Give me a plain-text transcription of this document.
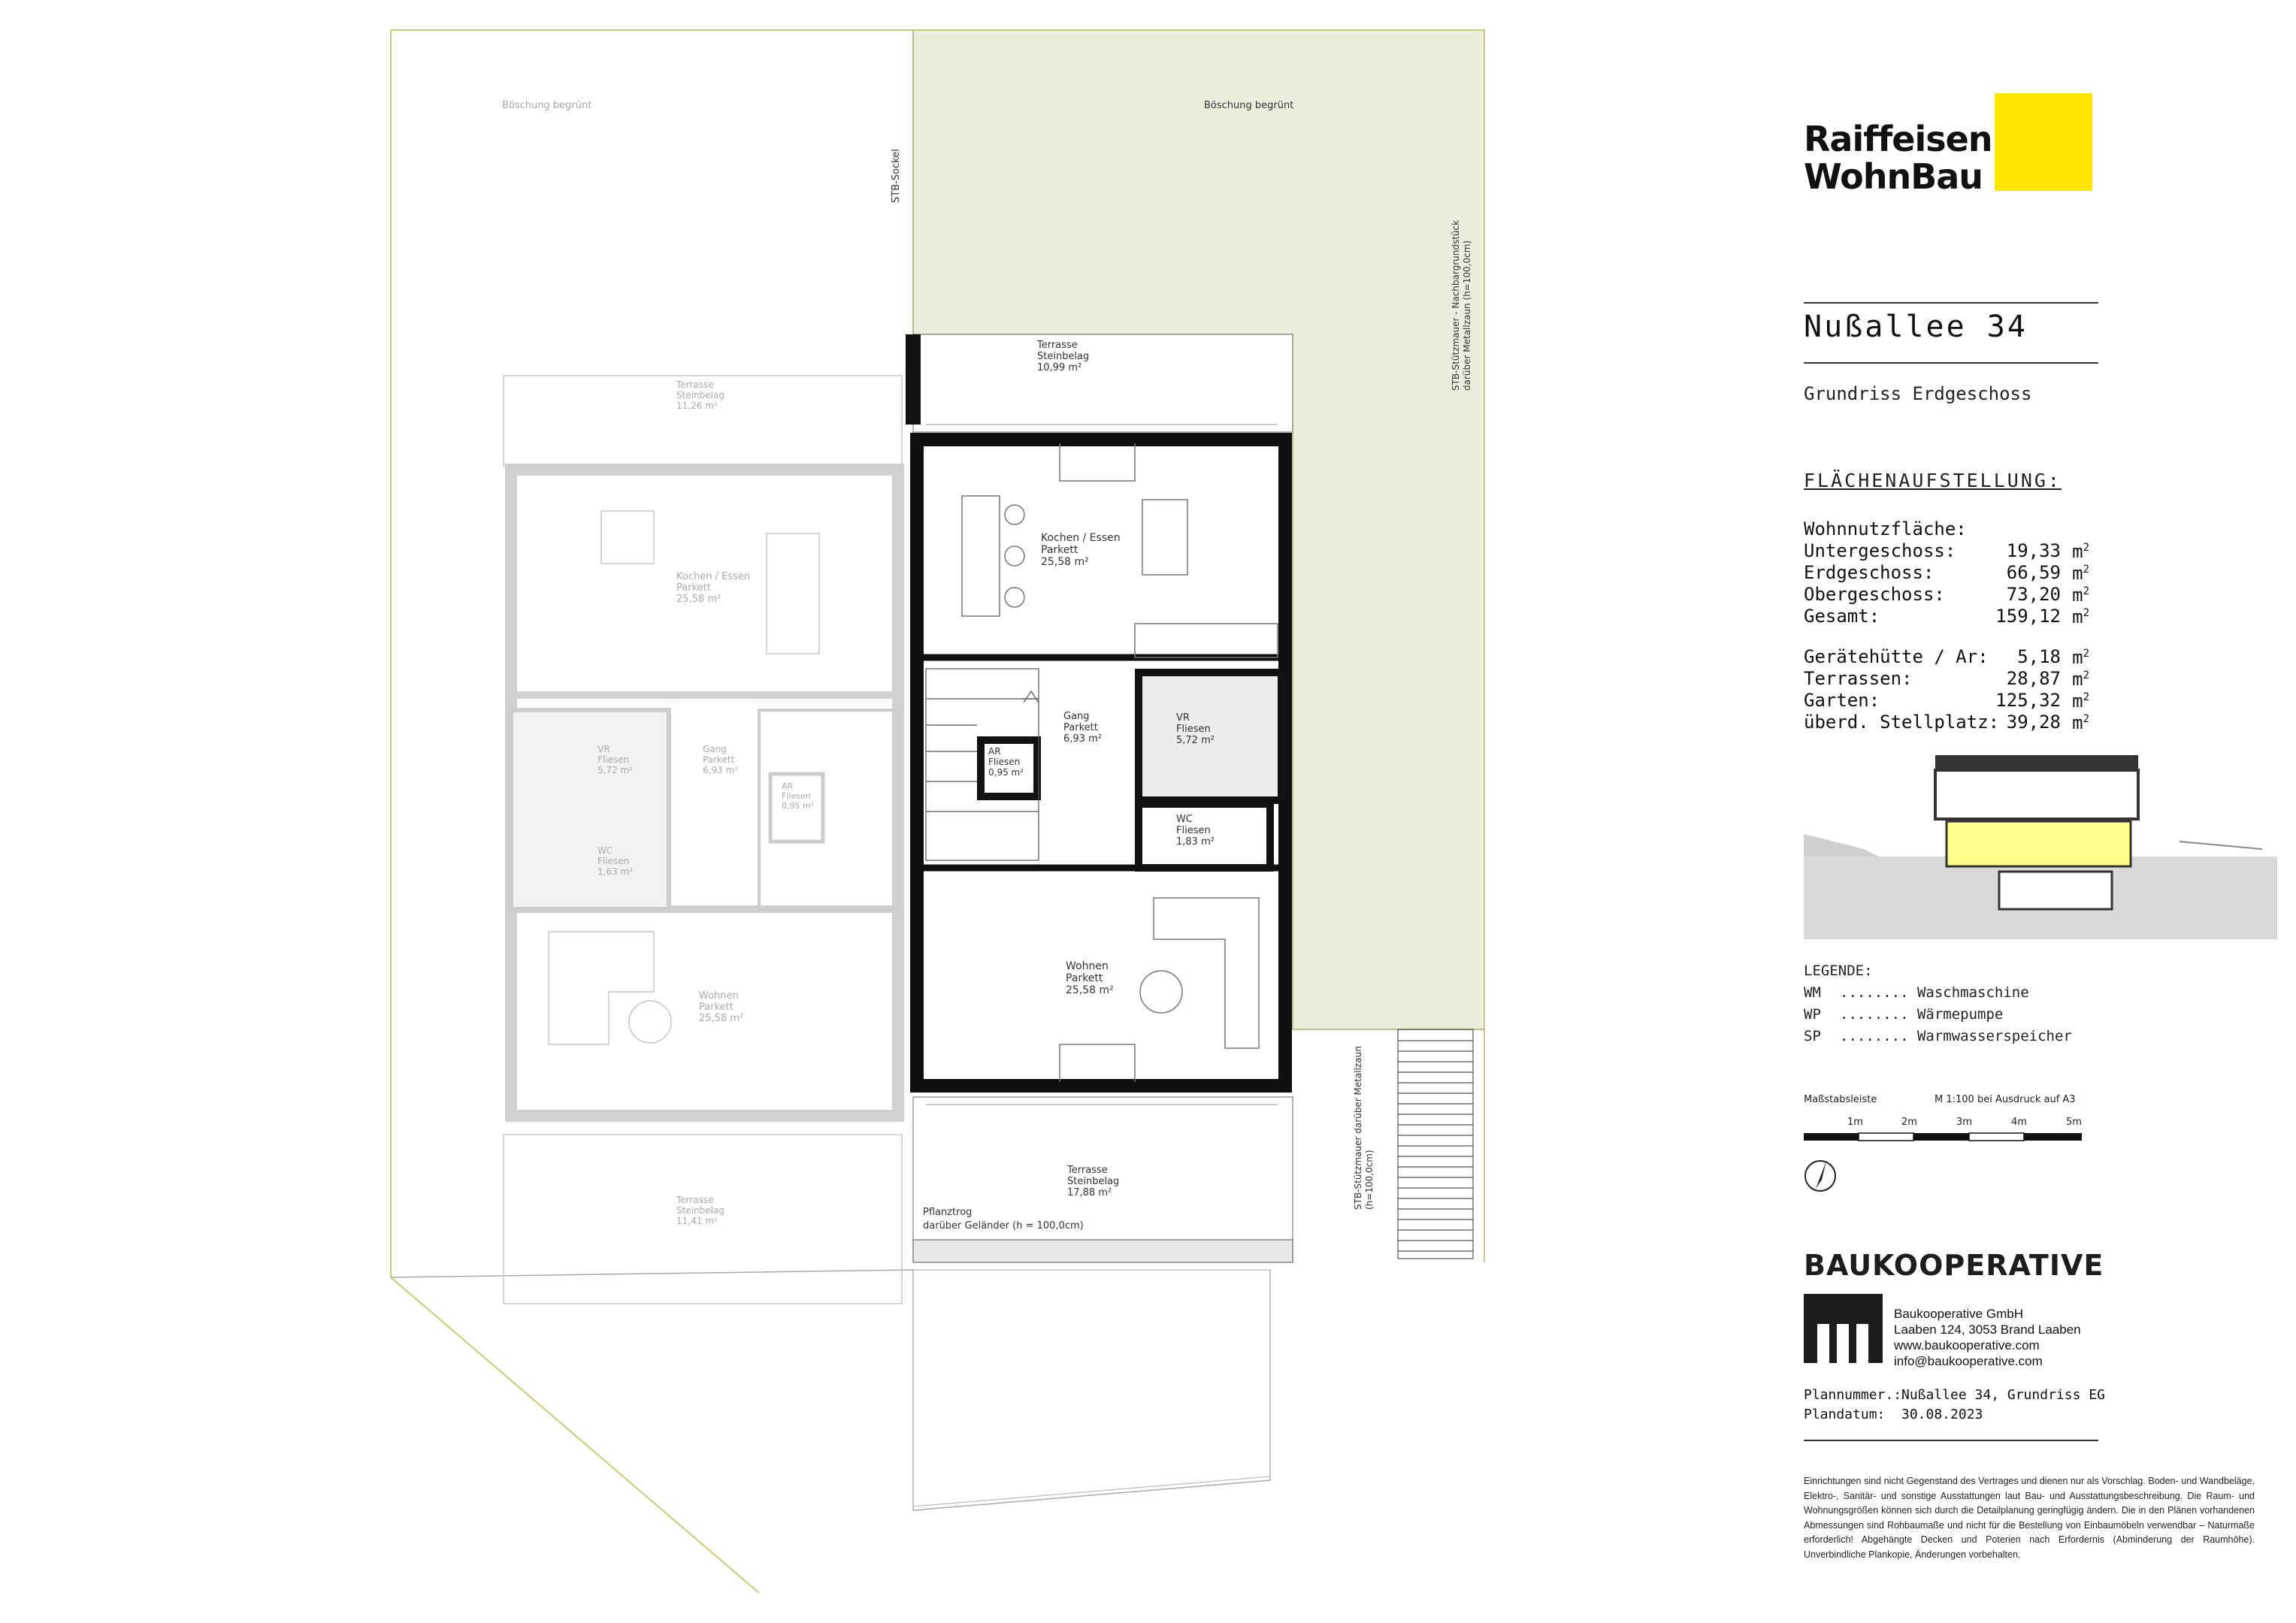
Böschung begrünt	Böschung begrünt
STB-Sockel
STB-Stützmauer - Nachbargrundstück darüber Metallzaun (h=100,0cm)
STB-Stützmauer darüber Metallzaun (h=100,0cm)
Pflanztrog
darüber Geländer (h = 100,0cm)
Terrasse
Steinbelag
10,99 m²
Kochen / Essen
Parkett
25,58 m²
Gang
Parkett
6,93 m²
AR
Fliesen
0,95 m²
VR
Fliesen
5,72 m²
WC
Fliesen
1,83 m²
Wohnen
Parkett
25,58 m²
Terrasse
Steinbelag
17,88 m²
Terrasse
Steinbelag
11,26 m²
Kochen / Essen
Parkett
25,58 m²
Gang
Parkett
6,93 m²
AR
Fliesen
0,95 m²
VR
Fliesen
5,72 m²
WC
Fliesen
1,63 m²
Wohnen
Parkett
25,58 m²
Terrasse
Steinbelag
11,41 m²
Raiffeisen
WohnBau
Nußallee 34
Grundriss Erdgeschoss
FLÄCHENAUFSTELLUNG:
Wohnnutzfläche:
Untergeschoss:	19,33 $m^2$
Erdgeschoss:	66,59 $m^2$
Obergeschoss:	73,20 $m^2$
Gesamt:	159,12 $m^2$
Gerätehütte / Ar: 5,18 $m^2$
Terrassen:	28,87 $m^2$
Garten:	125,32 $m^2$
überd. Stellplatz: 39,28 $m^2$
LEGENDE:
WM ........ Waschmaschine
WP ........ Wärmepumpe
SP ........ Warmwasserspeicher
Maßstabsleiste	M 1:100 bei Ausdruck auf A3
1m	2m	3m	4m	5m
BAUKOOPERATIVE
Baukooperative GmbH
Laaben 124, 3053 Brand Laaben
www.baukooperative.com
info@baukooperative.com
Plannummer.:Nußallee 34, Grundriss EG
Plandatum: 30.08.2023
Einrichtungen sind nicht Gegenstand des Vertrages und dienen nur als Vorschlag. Boden- und Wandbeläge, Elektro-, Sanitär- und sonstige Ausstattungen laut Bau- und Ausstattungsbeschreibung. Die Raum- und Wohnungsgrößen können sich durch die Detailplanung geringfügig ändern. Die in den Plänen vorhandenen Abmessungen sind Rohbaumaße und nicht für die Bestellung von Einbaumöbeln verwendbar – Naturmaße erforderlich! Abgehängte Decken und Poterien nach Erfordernis (Abminderung der Raumhöhe). Unverbindliche Plankopie, Änderungen vorbehalten.
